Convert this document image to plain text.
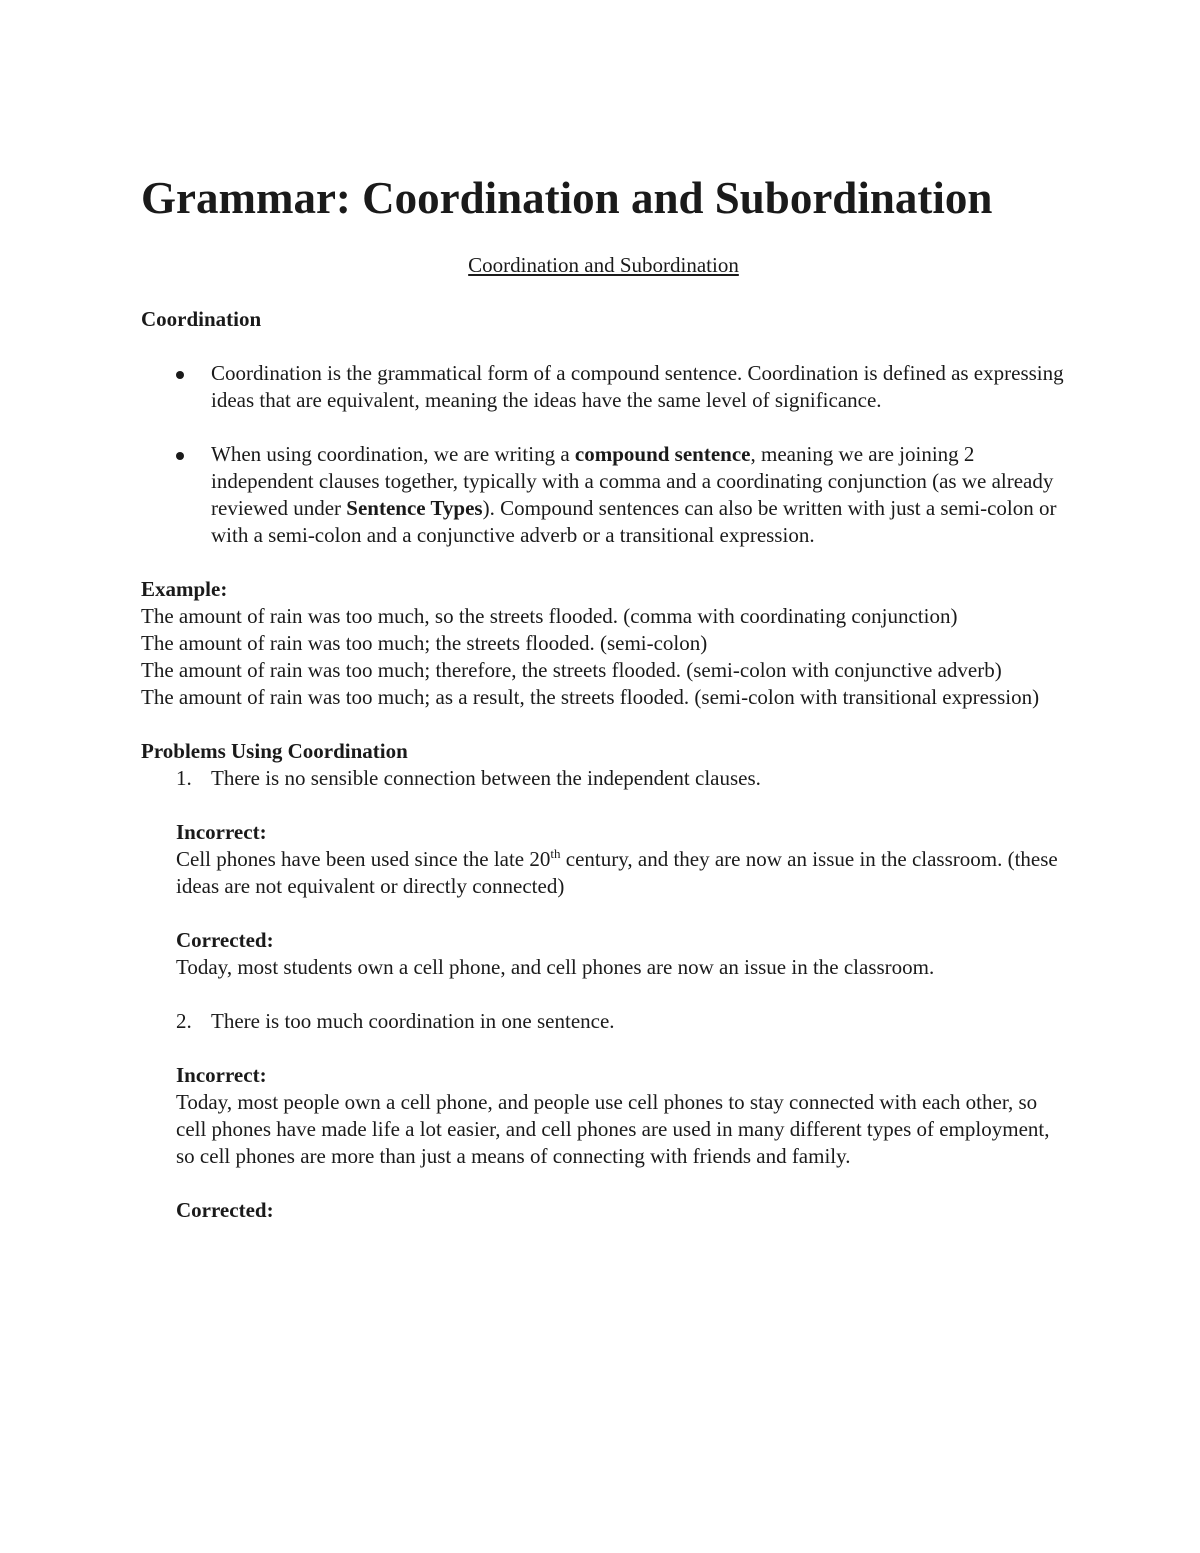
Grammar: Coordination and Subordination
Coordination and Subordination
Coordination
Coordination is the grammatical form of a compound sentence. Coordination is defined as expressing ideas that are equivalent, meaning the ideas have the same level of significance.
When using coordination, we are writing a compound sentence, meaning we are joining 2 independent clauses together, typically with a comma and a coordinating conjunction (as we already reviewed under Sentence Types). Compound sentences can also be written with just a semi-colon or with a semi-colon and a conjunctive adverb or a transitional expression.
Example:
The amount of rain was too much, so the streets flooded. (comma with coordinating conjunction)
The amount of rain was too much; the streets flooded. (semi-colon)
The amount of rain was too much; therefore, the streets flooded. (semi-colon with conjunctive adverb)
The amount of rain was too much; as a result, the streets flooded. (semi-colon with transitional expression)
Problems Using Coordination
1. There is no sensible connection between the independent clauses.
Incorrect:
Cell phones have been used since the late 20th century, and they are now an issue in the classroom. (these ideas are not equivalent or directly connected)
Corrected:
Today, most students own a cell phone, and cell phones are now an issue in the classroom.
2. There is too much coordination in one sentence.
Incorrect:
Today, most people own a cell phone, and people use cell phones to stay connected with each other, so cell phones have made life a lot easier, and cell phones are used in many different types of employment, so cell phones are more than just a means of connecting with friends and family.
Corrected:
